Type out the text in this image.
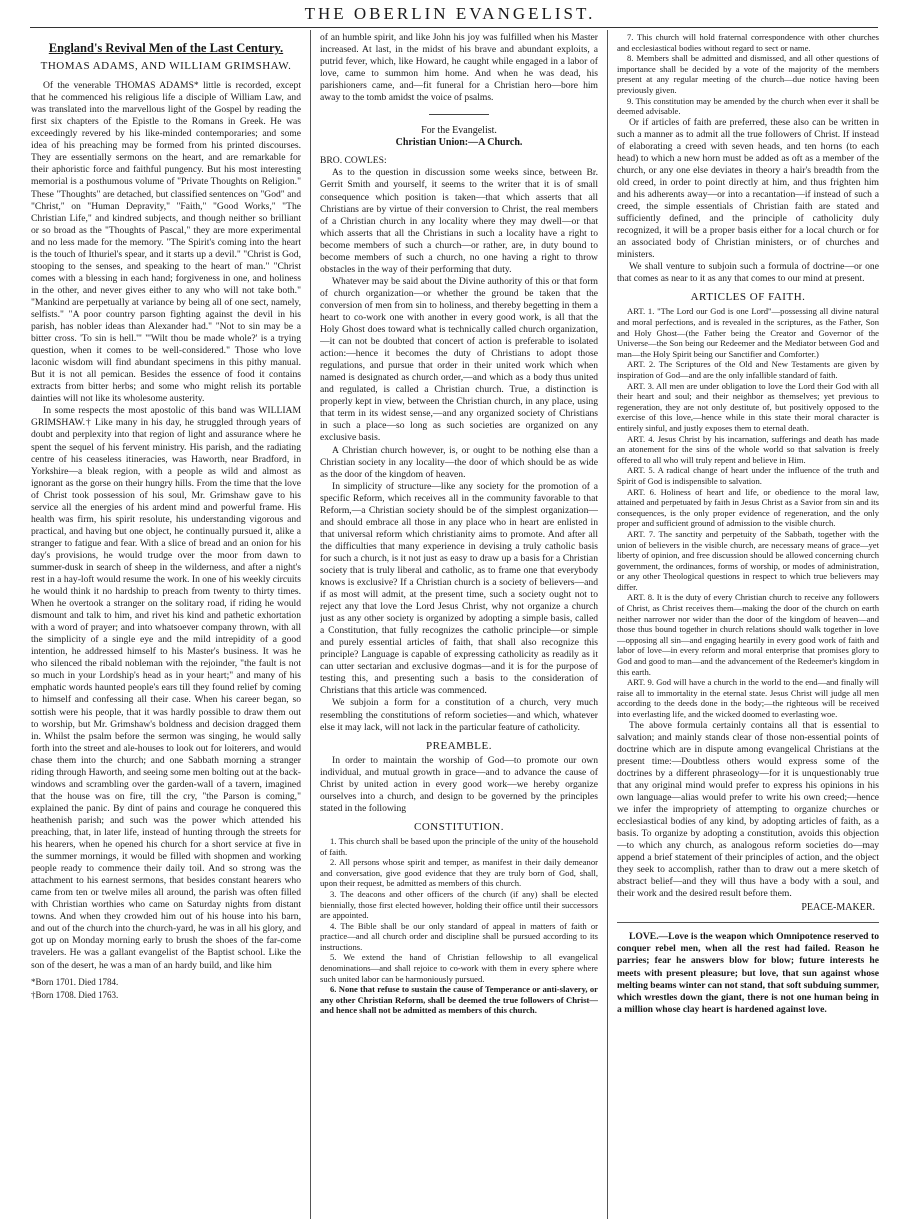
THE OBERLIN EVANGELIST.
England's Revival Men of the Last Century.
THOMAS ADAMS, AND WILLIAM GRIMSHAW.

Of the venerable THOMAS ADAMS* little is recorded, except that he commenced his religious life a disciple of William Law, and was translated into the marvellous light of the Gospel by reading the first six chapters of the Epistle to the Romans in Greek. He was exceedingly revered by his like-minded contemporaries; and some idea of his preaching may be formed from his printed discourses. They are essentially sermons on the heart, and are remarkable for their aphoristic force and faithful pungency. But his most interesting memorial is a posthumous volume of "Private Thoughts on Religion." These "Thoughts" are detached, but classified sentences on "God" and "Christ," on "Human Depravity," "Faith," "Good Works," "The Christian Life," and kindred subjects, and though neither so brilliant or so broad as the "Thoughts of Pascal," they are more experimental and no less made for the memory. "The Spirit's coming into the heart is the touch of Ithuriel's spear, and it starts up a devil." "Christ is God, stooping to the senses, and speaking to the heart of man." "Christ comes with a blessing in each hand; forgiveness in one, and holiness in the other, and never gives either to any who will not take both." "Mankind are perpetually at variance by being all of one sect, namely, selfists." "A poor country parson fighting against the devil in his parish, has nobler ideas than Alexander had." "Not to sin may be a bitter cross. 'To sin is hell.'" "'Wilt thou be made whole?' is a trying question, when it comes to be well-considered." Those who love laconic wisdom will find abundant specimens in this pithy manual. But it is not all pemican. Besides the essence of food it contains extracts from bitter herbs; and some who might relish its portable dainties will not like its wholesome austerity.

In some respects the most apostolic of this band was WILLIAM GRIMSHAW.† Like many in his day, he struggled through years of doubt and perplexity into that region of light and assurance where he spent the sequel of his fervent ministry. His parish, and the radiating centre of his ceaseless itineracies, was Haworth, near Bradford, in Yorkshire—a bleak region, with a people as wild and almost as ignorant as the gorse on their hungry hills. From the time that the love of Christ took possession of his soul, Mr. Grimshaw gave to his service all the energies of his ardent mind and powerful frame. His health was firm, his spirit resolute, his understanding vigorous and practical, and having but one object, he continually pursued it, alike a stranger to fatigue and fear. With a slice of bread and an onion for his day's provisions, he would trudge over the moor from dawn to summer-dusk in search of sheep in the wilderness, and after a night's rest in a hay-loft would resume the work. In one of his weekly circuits he would think it no hardship to preach from twenty to thirty times. When he overtook a stranger on the solitary road, if riding he would dismount and talk to him, and rivet his kind and pathetic exhortation with a word of prayer; and into whatsoever company thrown, with all the simplicity of a single eye and the mild intrepidity of a good intention, he addressed himself to his Master's business. It was he who silenced the ribald nobleman with the rejoinder, "the fault is not so much in your Lordship's head as in your heart;" and many of his emphatic words haunted people's ears till they found relief by coming to himself and confessing all their case. When his career began, so sottish were his people, that it was hardly possible to draw them out to worship, but Mr. Grimshaw's boldness and decision dragged them in. Whilst the psalm before the sermon was singing, he would sally forth into the street and ale-houses to look out for loiterers, and would chase them into the church; and one Sabbath morning a stranger riding through Haworth, and seeing some men bolting out at the back-windows and scrambling over the garden-wall of a tavern, imagined that the house was on fire, till the cry, "the Parson is coming," explained the panic. By dint of pains and courage he conquered this heathenish parish; and such was the power which attended his preaching, that, in later life, instead of hunting through the streets for his hearers, when he opened his church for a short service at five in the summer mornings, it would be filled with shopmen and working people ready to commence their daily toil. And so strong was the attachment to his earnest sermons, that besides constant hearers who came from ten or twelve miles all around, the parish was often filled with Christian worthies who came on Saturday nights from distant towns. And when they crowded him out of his house into his barn, and out of the church into the church-yard, he was in all his glory, and got up on Monday morning early to brush the shoes of the far-come travelers. He was a gallant evangelist of the Baptist school. Like the son of the desert, he was a man of an hardy build, and like him

*Born 1701. Died 1784.
†Born 1708. Died 1763.

of an humble spirit, and like John his joy was fulfilled when his Master increased. At last, in the midst of his brave and abundant exploits, a putrid fever, which, like Howard, he caught while engaged in a labor of love, came to summon him home. And when he was dead, his parishioners came, and—fit funeral for a Christian hero—bore him away to the tomb amidst the voice of psalms.

For the Evangelist.
Christian Union:—A Church.

BRO. COWLES:

As to the question in discussion some weeks since, between Br. Gerrit Smith and yourself, it seems to the writer that it is of small consequence which position is taken—that which asserts that all Christians are by virtue of their conversion to Christ, the real members of a Christian church in any locality where they may dwell—or that which asserts that all the Christians in such a locality have a right to become members of such a church—or rather, are, in duty bound to become members of such a church, no one having a right to throw obstacles in the way of their performing that duty.

Whatever may be said about the Divine authority of this or that form of church organization—or whether the ground be taken that the conversion of men from sin to holiness, and thereby begetting in them a heart to co-work one with another in every good work, is all that the Holy Ghost does toward what is technically called church organization,—it can not be doubted that concert of action is preferable to isolated action:—hence it becomes the duty of Christians to adopt those regulations, and pursue that order in their united work which when named is designated as church order,—and which as a body thus united and regulated, is called a Christian church. True, a distinction is properly kept in view, between the Christian church, in any place, using that term in its widest sense,—and any organized society of Christians in such a place—so long as such societies are organized on any exclusive basis.

A Christian church however, is, or ought to be nothing else than a Christian society in any locality—the door of which should be as wide as the door of the kingdom of heaven.

In simplicity of structure—like any society for the promotion of a specific Reform, which receives all in the community favorable to that Reform,—a Christian society should be of the simplest organization—and should embrace all those in any place who in heart are enlisted in that universal reform which christianity aims to promote. And after all the difficulties that many experience in devising a truly catholic basis for such a church, is it not just as easy to draw up a basis for a Christian society that is truly liberal and catholic, as to frame one that everybody knows is exclusive? If a Christian church is a society of believers—and if as most will admit, at the present time, such a society ought not to reject any that love the Lord Jesus Christ, why not organize a church just as any other society is organized by adopting a simple basis, called a Constitution, that fully recognizes the catholic principle—or simple and purely essential articles of faith, that shall also recognize this principle? Language is capable of expressing catholicity as readily as it can utter sectarian and exclusive dogmas—and it is for the purpose of testing this, and presenting such a basis to the consideration of Christians that this article was commenced.

We subjoin a form for a constitution of a church, very much resembling the constitutions of reform societies—and which, whatever else it may lack, will not lack in the particular feature of catholicity.

PREAMBLE.

In order to maintain the worship of God—to promote our own individual, and mutual growth in grace—and to advance the cause of Christ by united action in every good work—we hereby organize ourselves into a church, and design to be governed by the principles stated in the following

CONSTITUTION.

1. This church shall be based upon the principle of the unity of the household of faith.

2. All persons whose spirit and temper, as manifest in their daily demeanor and conversation, give good evidence that they are truly born of God, shall, upon their request, be admitted as members of this church.

3. The deacons and other officers of the church (if any) shall be elected biennially, those first elected however, holding their office until their successors are appointed.

4. The Bible shall be our only standard of appeal in matters of faith or practice—and all church order and discipline shall be pursued according to its instructions.

5. We extend the hand of Christian fellowship to all evangelical denominations—and shall rejoice to co-work with them in every sphere where such united labor can be harmoniously pursued.

6. None that refuse to sustain the cause of Temperance or anti-slavery, or any other Christian Reform, shall be deemed the true followers of Christ—and hence shall not be admitted as members of this church.

7. This church will hold fraternal correspondence with other churches and ecclesiastical bodies without regard to sect or name.

8. Members shall be admitted and dismissed, and all other questions of importance shall be decided by a vote of the majority of the members present at any regular meeting of the church—due notice having been previously given.

9. This constitution may be amended by the church when ever it shall be deemed advisable.

Or if articles of faith are preferred, these also can be written in such a manner as to admit all the true followers of Christ. If instead of elaborating a creed with seven heads, and ten horns (to each head) to which a new horn must be added as oft as a member of the church, or any one else deviates in theory a hair's breadth from the old creed, in order to point directly at him, and thus frighten him and his adherents away—or into a recantation—if instead of such a creed, the simple essentials of Christian faith are stated and sufficiently defined, and the principle of catholicity duly recognized, it will be a proper basis either for a local church or for an associated body of Christian ministers, or of churches and ministers.

We shall venture to subjoin such a formula of doctrine—or one that comes as near to it as any that comes to our mind at present.

ARTICLES OF FAITH.

ART. 1. "The Lord our God is one Lord"—possessing all divine natural and moral perfections, and is revealed in the scriptures, as the Father, Son and Holy Ghost—(the Father being the Creator and Governor of the Universe—the Son being our Redeemer and the Mediator between God and man—the Holy Spirit being our Sanctifier and Comforter.)

ART. 2. The Scriptures of the Old and New Testaments are given by inspiration of God—and are the only infallible standard of faith.

ART. 3. All men are under obligation to love the Lord their God with all their heart and soul; and their neighbor as themselves; yet previous to regeneration, they are not only destitute of, but positively opposed to the exercise of this love,—hence while in this state their moral character is entirely sinful, and justly exposes them to eternal death.

ART. 4. Jesus Christ by his incarnation, sufferings and death has made an atonement for the sins of the whole world so that salvation is freely offered to all who will truly repent and believe in Him.

ART. 5. A radical change of heart under the influence of the truth and Spirit of God is indispensible to salvation.

ART. 6. Holiness of heart and life, or obedience to the moral law, attained and perpetuated by faith in Jesus Christ as a Savior from sin and its consequences, is the only proper evidence of regeneration, and the only proper and sufficient ground of admission to the visible church.

ART. 7. The sanctity and perpetuity of the Sabbath, together with the union of believers in the visible church, are necessary means of grace—yet liberty of opinion, and free discussion should be allowed concerning church government, the ordinances, forms of worship, or modes of administration, or any other Theological questions in respect to which true believers may differ.

ART. 8. It is the duty of every Christian church to receive any followers of Christ, as Christ receives them—making the door of the church on earth neither narrower nor wider than the door of the kingdom of heaven—and those thus bound together in church relations should walk together in love—opposing all sin—and engaging heartily in every good work of faith and labor of love—in every reform and moral enterprise that promises glory to God and good to man—and the advancement of the Redeemer's kingdom in this earth.

ART. 9. God will have a church in the world to the end—and finally will raise all to immortality in the eternal state. Jesus Christ will judge all men according to the deeds done in the body;—the righteous will be received into everlasting life, and the wicked doomed to everlasting woe.

The above formula certainly contains all that is essential to salvation; and mainly stands clear of those non-essential points of doctrine which are in dispute among evangelical Christians at the present time:—Doubtless others would express some of the doctrines by a different phraseology—for it is unquestionably true that any original mind would prefer to express his opinions in his own language—alias would prefer to write his own creed;—hence we infer the impropriety of attempting to organize churches or ecclesiastical bodies of any kind, by adopting articles of faith, as a basis. To organize by adopting a constitution, avoids this objection—to which any church, as analogous reform societies do—may append a brief statement of their principles of action, and the object they seek to accomplish, rather than to draw out a mere sketch of abstract belief—and they will thus have a body with a soul, and their work and the desired result before them.

PEACE-MAKER.

LOVE.—Love is the weapon which Omnipotence reserved to conquer rebel men, when all the rest had failed. Reason he parries; fear he answers blow for blow; future interests he meets with present pleasure; but love, that sun against whose melting beams winter can not stand, that soft subduing summer, which wrestles down the giant, there is not one human being in a million whose clay heart is hardened against love.
